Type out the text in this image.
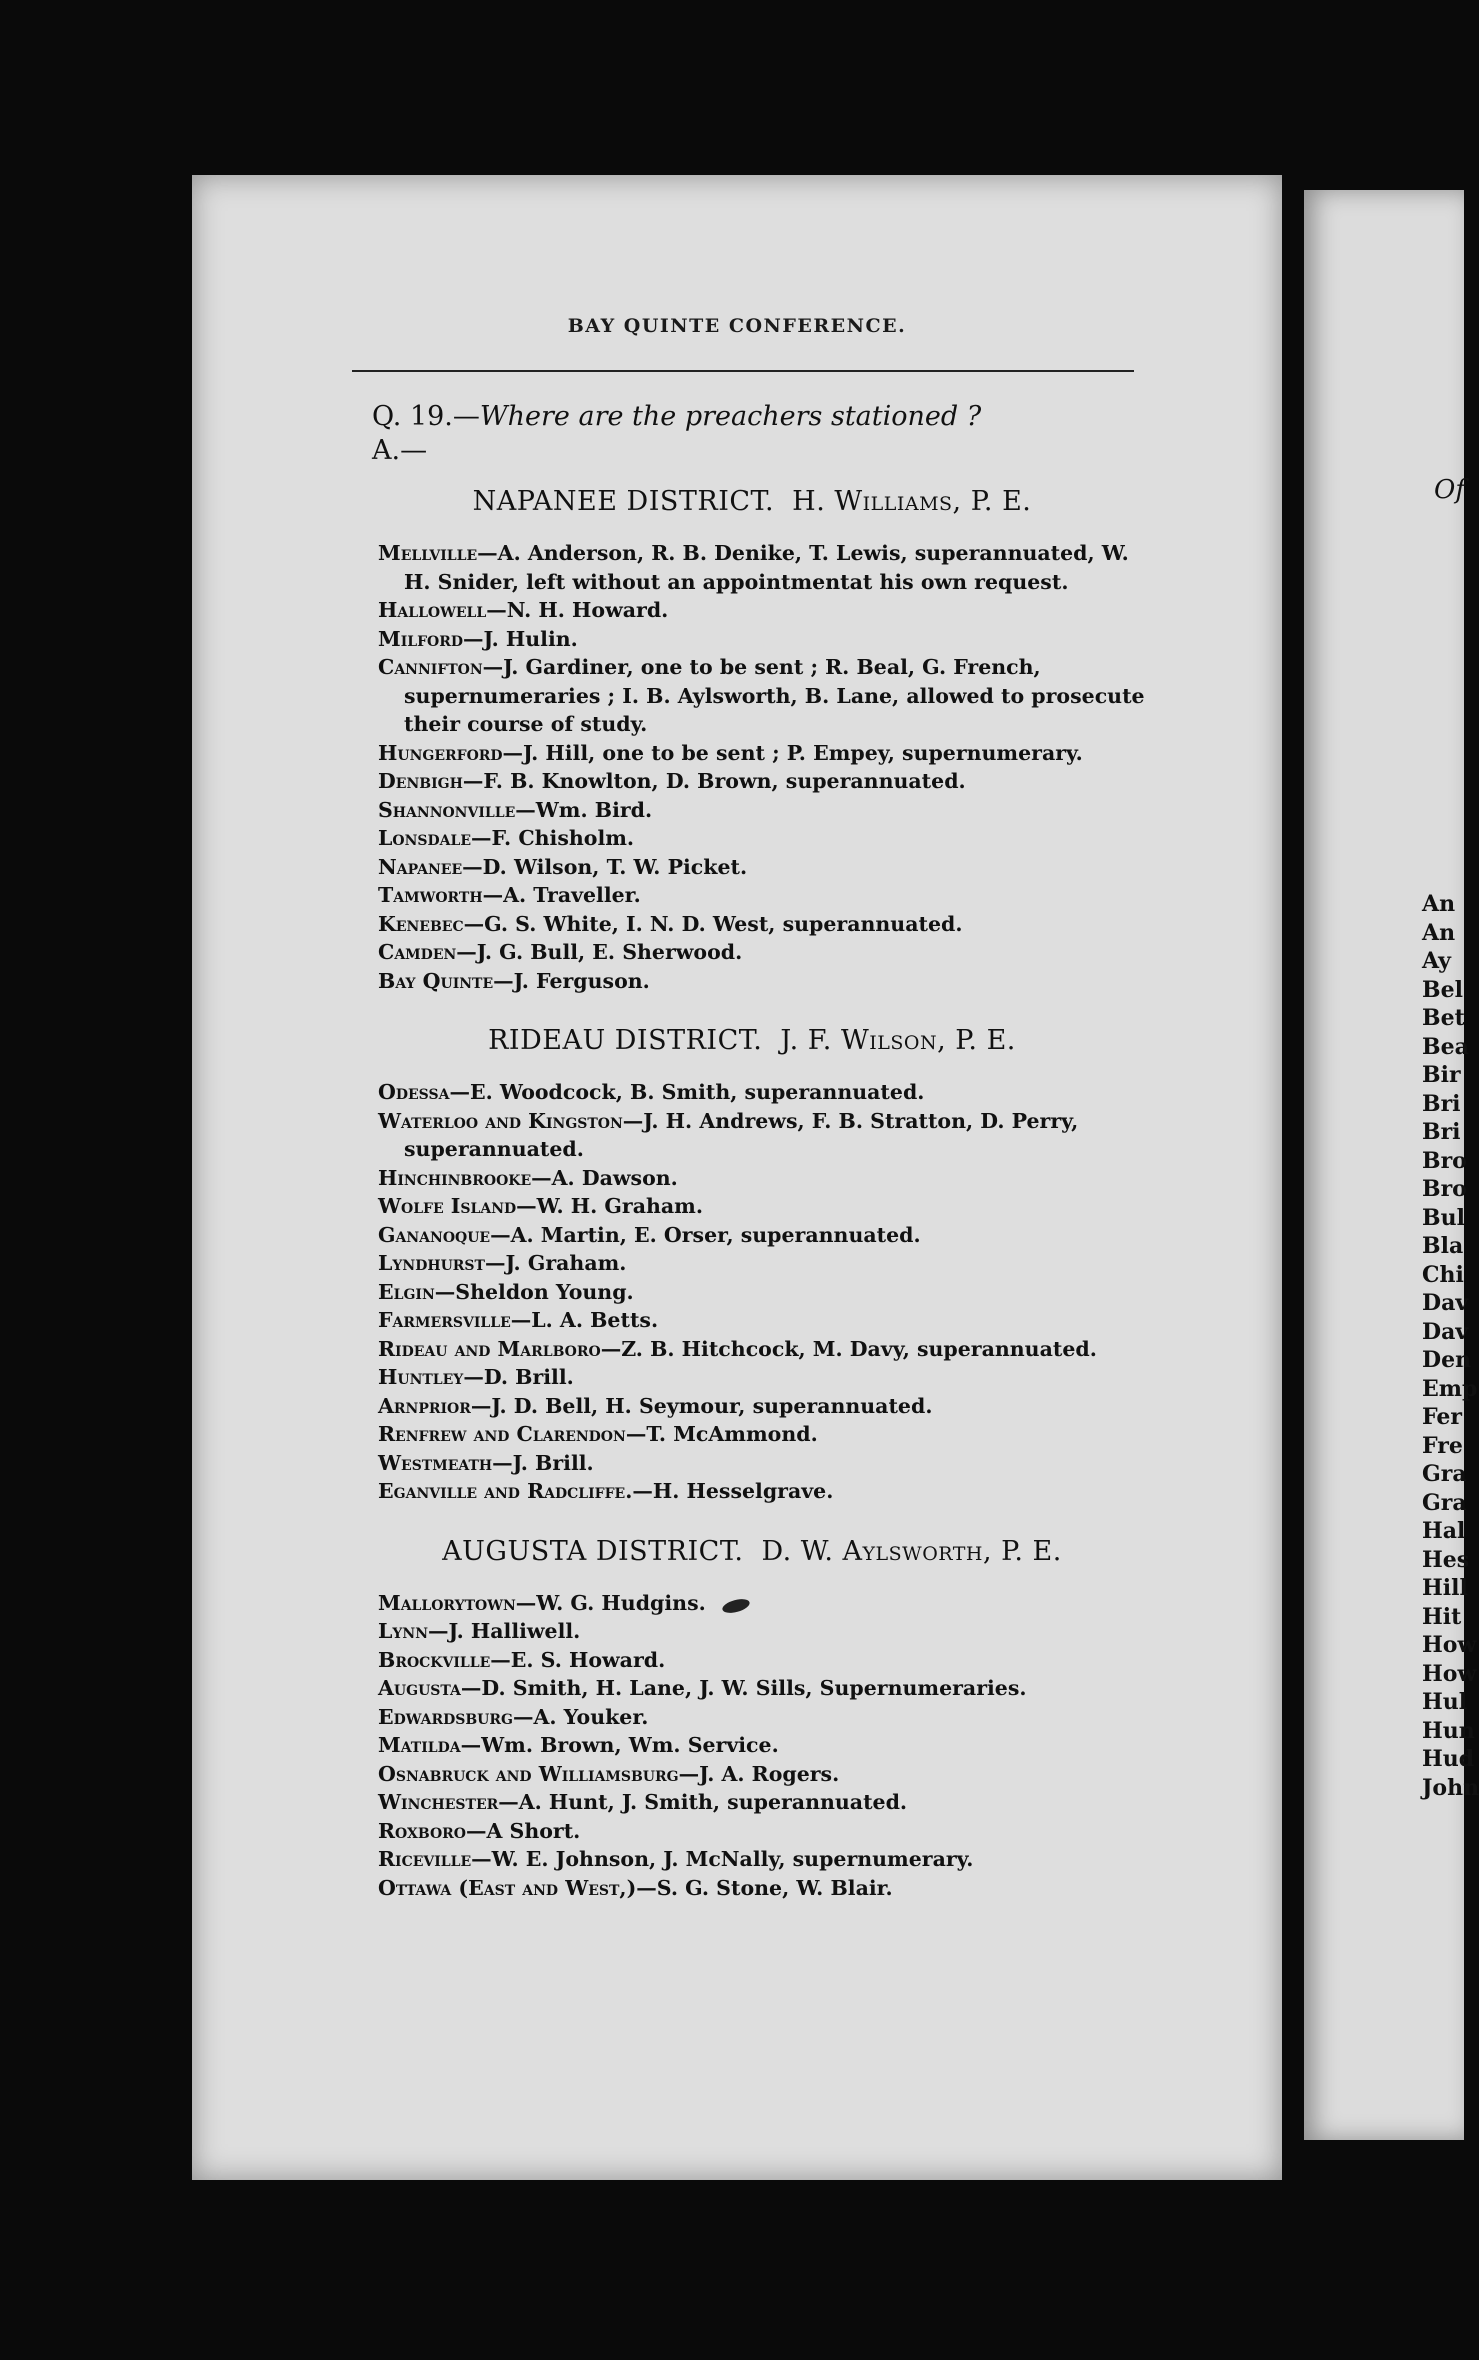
BAY QUINTE CONFERENCE.
Q. 19.—Where are the preachers stationed ?
A.—
NAPANEE DISTRICT. H. Williams, P. E.
Mellville—A. Anderson, R. B. Denike, T. Lewis, superannuated, W. H. Snider, left without an appointmentat his own request.
Hallowell—N. H. Howard.
Milford—J. Hulin.
Cannifton—J. Gardiner, one to be sent ; R. Beal, G. French, supernumeraries ; I. B. Aylsworth, B. Lane, allowed to prosecute their course of study.
Hungerford—J. Hill, one to be sent ; P. Empey, supernumerary.
Denbigh—F. B. Knowlton, D. Brown, superannuated.
Shannonville—Wm. Bird.
Lonsdale—F. Chisholm.
Napanee—D. Wilson, T. W. Picket.
Tamworth—A. Traveller.
Kenebec—G. S. White, I. N. D. West, superannuated.
Camden—J. G. Bull, E. Sherwood.
Bay Quinte—J. Ferguson.
RIDEAU DISTRICT. J. F. Wilson, P. E.
Odessa—E. Woodcock, B. Smith, superannuated.
Waterloo and Kingston—J. H. Andrews, F. B. Stratton, D. Perry, superannuated.
Hinchinbrooke—A. Dawson.
Wolfe Island—W. H. Graham.
Gananoque—A. Martin, E. Orser, superannuated.
Lyndhurst—J. Graham.
Elgin—Sheldon Young.
Farmersville—L. A. Betts.
Rideau and Marlboro—Z. B. Hitchcock, M. Davy, superannuated.
Huntley—D. Brill.
Arnprior—J. D. Bell, H. Seymour, superannuated.
Renfrew and Clarendon—T. McAmmond.
Westmeath—J. Brill.
Eganville and Radcliffe.—H. Hesselgrave.
AUGUSTA DISTRICT. D. W. Aylsworth, P. E.
Mallorytown—W. G. Hudgins.
Lynn—J. Halliwell.
Brockville—E. S. Howard.
Augusta—D. Smith, H. Lane, J. W. Sills, Supernumeraries.
Edwardsburg—A. Youker.
Matilda—Wm. Brown, Wm. Service.
Osnabruck and Williamsburg—J. A. Rogers.
Winchester—A. Hunt, J. Smith, superannuated.
Roxboro—A Short.
Riceville—W. E. Johnson, J. McNally, supernumerary.
Ottawa (East and West,)—S. G. Stone, W. Blair.
Of
An
An
Ay
Bel
Bet
Bea
Bir
Bri
Bri
Bro
Bro
Bul
Bla
Chi
Dav
Dav
Den
Emp
Fer
Fre
Gra
Gra
Hal
Hes
Hill
Hit
How
How
Hul
Hun
Hud
John
